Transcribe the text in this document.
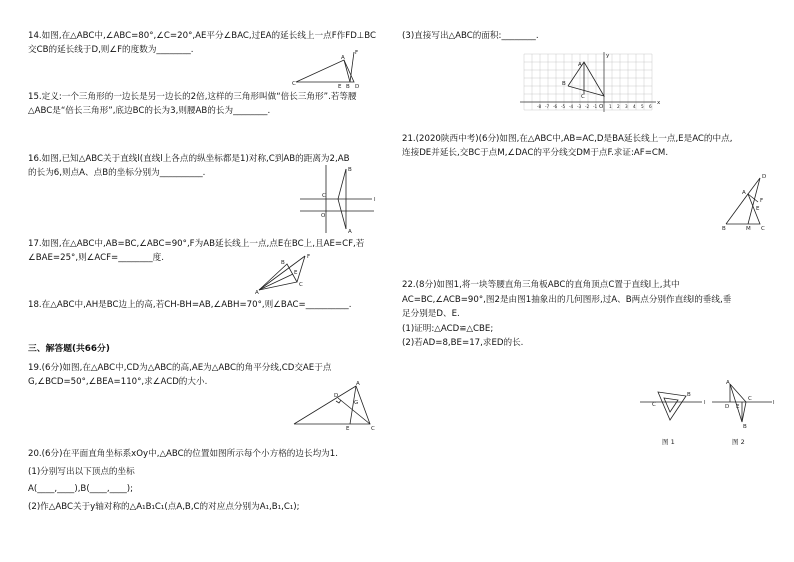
14.如图,在△ABC中,∠ABC=80°,∠C=20°,AE平分∠BAC,过EA的延长线上一点F作FD⊥BC
交CB的延长线于D,则∠F的度数为________.
C
A
F
E B D
15.定义:一个三角形的一边长是另一边长的2倍,这样的三角形叫做“倍长三角形”.若等腰
△ABC是“倍长三角形”,底边BC的长为3,则腰AB的长为________.
16.如图,已知△ABC关于直线l(直线l上各点的纵坐标都是1)对称,C到AB的距离为2,AB
的长为6,则点A、点B的坐标分别为__________.	B
C
O
l
A
17.如图,在△ABC中,AB=BC,∠ABC=90°,F为AB延长线上一点,点E在BC上,且AE=CF,若
∠BAE=25°,则∠ACF=________度.	F
B
E
A
C
18.在△ABC中,AH是BC边上的高,若CH-BH=AB,∠ABH=70°,则∠BAC=__________.
三、解答题(共66分)
19.(6分)如图,在△ABC中,CD为△ABC的高,AE为△ABC的角平分线,CD交AE于点
G,∠BCD=50°,∠BEA=110°,求∠ACD的大小.	A
D
G
E	C
20.(6分)在平面直角坐标系xOy中,△ABC的位置如图所示每个小方格的边长均为1.
(1)分别写出以下顶点的坐标
A(____,____),B(____,____);
(2)作△ABC关于y轴对称的△A₁B₁C₁(点A,B,C的对应点分别为A₁,B₁,C₁);
(3)直接写出△ABC的面积:________.
A
B
C
O
y
x
-8 -7 -6 -5 -4 -3 -2 -1	1 2 3 4 5 6
21.(2020陕西中考)(6分)如图,在△ABC中,AB=AC,D是BA延长线上一点,E是AC的中点,
连接DE并延长,交BC于点M,∠DAC的平分线交DM于点F.求证:AF=CM.
D
A
F
E
B	M C
22.(8分)如图1,将一块等腰直角三角板ABC的直角顶点C置于直线l上,其中
AC=BC,∠ACB=90°,图2是由图1抽象出的几何图形,过A、B两点分别作直线l的垂线,垂
足分别是D、E.
(1)证明:△ACD≌△CBE;
(2)若AD=8,BE=17,求ED的长.
l
C
B
图 1
A
D E
C
B
l
图 2
